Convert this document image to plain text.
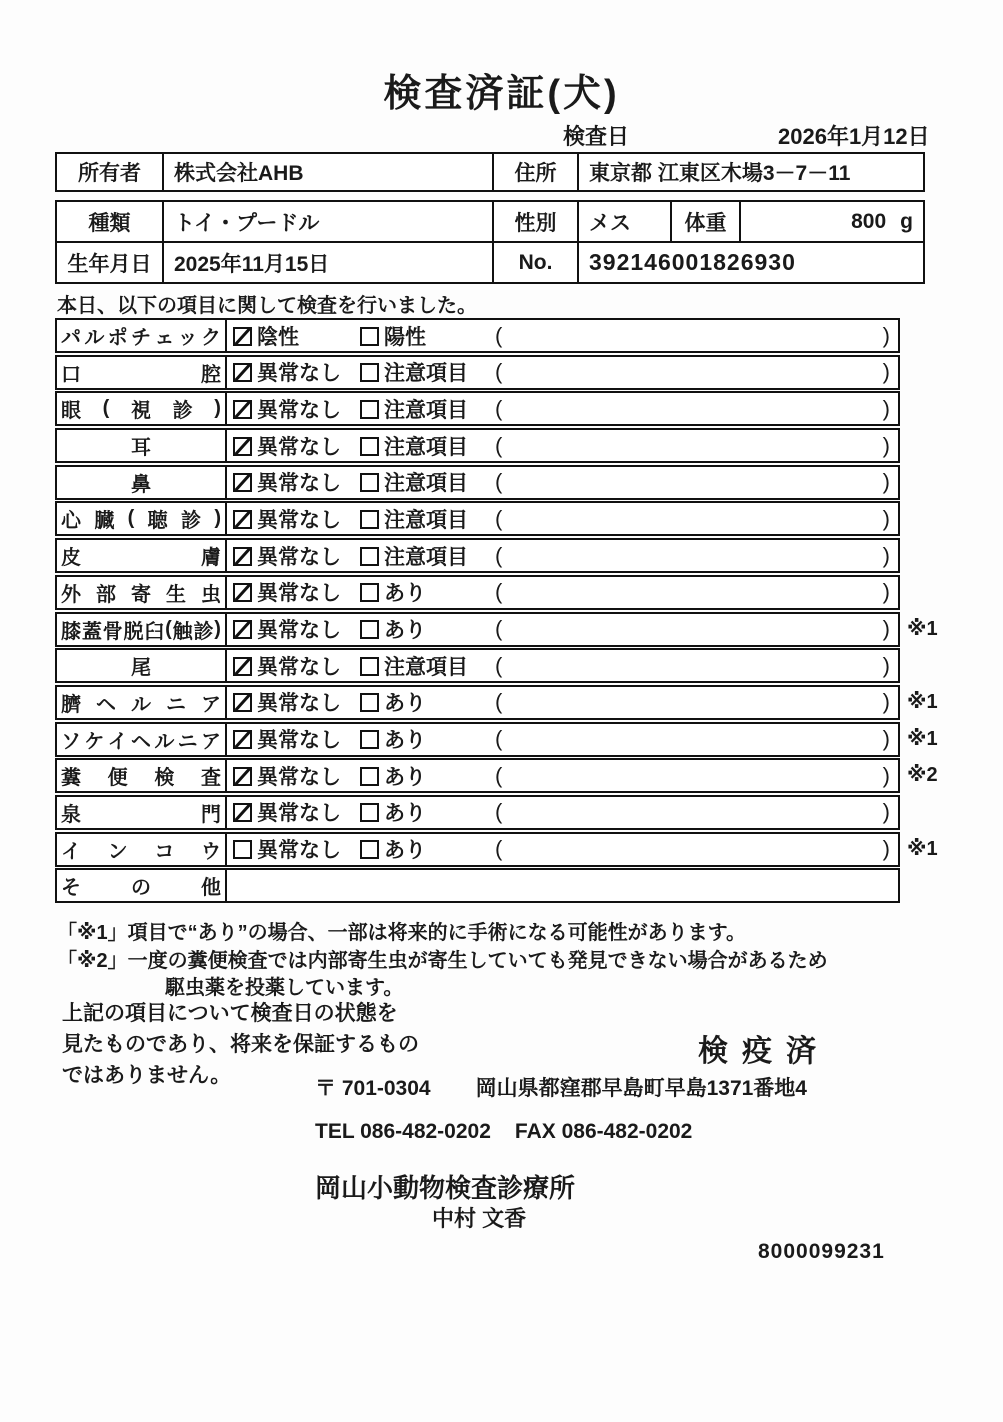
検査済証(犬)
検査日	2026年1月12日
所有者	株式会社AHB	住所	東京都 江東区木場3－7－11
種類	トイ・プードル	性別	メス	体重	800 g
生年月日	2025年11月15日	No.	392146001826930
本日、以下の項目に関して検査を行いました。
パ ル ポ チ ェ ッ ク	陰性	陽性	(	)
口	腔	異常なし	注意項目 (	)
眼 ( 視 診 )	異常なし	注意項目 (	)
耳	異常なし	注意項目 (	)
鼻	異常なし	注意項目 (	)
心 臓 ( 聴 診 )	異常なし	注意項目 (	)
皮	膚	異常なし	注意項目 (	)
外 部 寄 生 虫	異常なし	あり	(	)
膝 蓋 骨 脱 臼 ( 触 診 )	異常なし	あり	(	) ※1
尾	異常なし	注意項目 (	)
臍 ヘ ル ニ ア	異常なし	あり	(	) ※1
ソ ケ イ ヘ ル ニ ア	異常なし	あり	(	) ※1
糞 便 検 査	異常なし	あり	(	) ※2
泉	門	異常なし	あり	(	)
イ ン コ ウ	異常なし	あり	(	) ※1
そ	の	他
「※1」項目で“あり”の場合、一部は将来的に手術になる可能性があります。
「※2」一度の糞便検査では内部寄生虫が寄生していても発見できない場合があるため
駆虫薬を投薬しています。
上記の項目について検査日の状態を
見たものであり、将来を保証するもの
ではありません。
検疫済
〒 701-0304 岡山県都窪郡早島町早島1371番地4
TEL 086-482-0202 FAX 086-482-0202
岡山小動物検査診療所
中村 文香
8000099231
